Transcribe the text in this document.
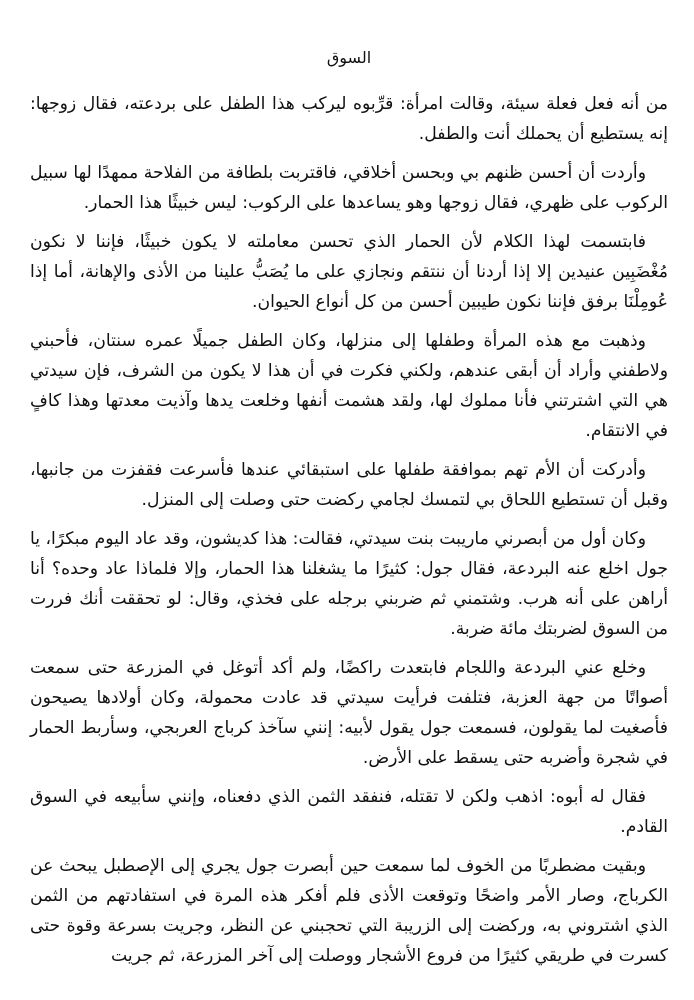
السوق

من أنه فعل فعلة سيئة، وقالت امرأة: قرِّبوه ليركب هذا الطفل على بردعته، فقال زوجها: إنه يستطيع أن يحملك أنت والطفل.

وأردت أن أحسن ظنهم بي وبحسن أخلاقي، فاقتربت بلطافة من الفلاحة ممهدًا لها سبيل الركوب على ظهري، فقال زوجها وهو يساعدها على الركوب: ليس خبيثًا هذا الحمار.

فابتسمت لهذا الكلام لأن الحمار الذي تحسن معاملته لا يكون خبيثًا، فإننا لا نكون مُغْضَبِين عنيدين إلا إذا أردنا أن ننتقم ونجازي على ما يُصَبُّ علينا من الأذى والإهانة، أما إذا عُومِلْنَا برفق فإننا نكون طيبين أحسن من كل أنواع الحيوان.

وذهبت مع هذه المرأة وطفلها إلى منزلها، وكان الطفل جميلًا عمره سنتان، فأحبني ولاطفني وأراد أن أبقى عندهم، ولكني فكرت في أن هذا لا يكون من الشرف، فإن سيدتي هي التي اشترتني فأنا مملوك لها، ولقد هشمت أنفها وخلعت يدها وآذيت معدتها وهذا كافٍ في الانتقام.

وأدركت أن الأم تهم بموافقة طفلها على استبقائي عندها فأسرعت فقفزت من جانبها، وقبل أن تستطيع اللحاق بي لتمسك لجامي ركضت حتى وصلت إلى المنزل.

وكان أول من أبصرني ماريبت بنت سيدتي، فقالت: هذا كديشون، وقد عاد اليوم مبكرًا، يا جول اخلع عنه البردعة، فقال جول: كثيرًا ما يشغلنا هذا الحمار، وإلا فلماذا عاد وحده؟ أنا أراهن على أنه هرب. وشتمني ثم ضربني برجله على فخذي، وقال: لو تحققت أنك فررت من السوق لضربتك مائة ضربة.

وخلع عني البردعة واللجام فابتعدت راكضًا، ولم أكد أتوغل في المزرعة حتى سمعت أصواتًا من جهة العزبة، فتلفت فرأيت سيدتي قد عادت محمولة، وكان أولادها يصيحون فأصغيت لما يقولون، فسمعت جول يقول لأبيه: إنني سآخذ كرباج العربجي، وسأربط الحمار في شجرة وأضربه حتى يسقط على الأرض.

فقال له أبوه: اذهب ولكن لا تقتله، فنفقد الثمن الذي دفعناه، وإنني سأبيعه في السوق القادم.

وبقيت مضطربًا من الخوف لما سمعت حين أبصرت جول يجري إلى الإصطبل يبحث عن الكرباج، وصار الأمر واضحًا وتوقعت الأذى فلم أفكر هذه المرة في استفادتهم من الثمن الذي اشتروني به، وركضت إلى الزريبة التي تحجبني عن النظر، وجريت بسرعة وقوة حتى كسرت في طريقي كثيرًا من فروع الأشجار ووصلت إلى آخر المزرعة، ثم جريت
